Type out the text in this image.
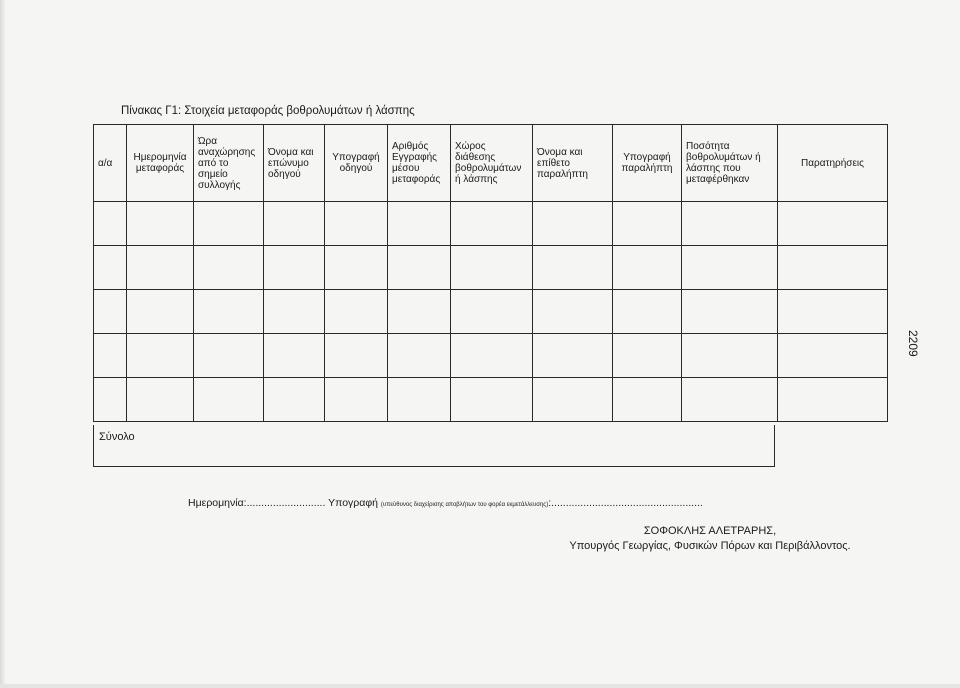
Πίνακας Γ1: Στοιχεία μεταφοράς βοθρολυμάτων ή λάσπης
α/α	Ημερομηνία μεταφοράς	Ώρα αναχώρησης από το σημείο συλλογής	Όνομα και επώνυμο οδηγού	Υπογραφή οδηγού	Αριθμός Εγγραφής μέσου μεταφοράς	Χώρος διάθεσης βοθρολυμάτων ή λάσπης	Όνομα και επίθετο παραλήπτη	Υπογραφή παραλήπτη	Ποσότητα βοθρολυμάτων ή λάσπης που μεταφέρθηκαν	Παρατηρήσεις

Σύνολο
2209
Ημερομηνία:........................... Υπογραφή (υπεύθυνος διαχείρισης αποβλήτων του φορέα εκμετάλλευσης):....................................................
ΣΟΦΟΚΛΗΣ ΑΛΕΤΡΑΡΗΣ,
Υπουργός Γεωργίας, Φυσικών Πόρων και Περιβάλλοντος.
